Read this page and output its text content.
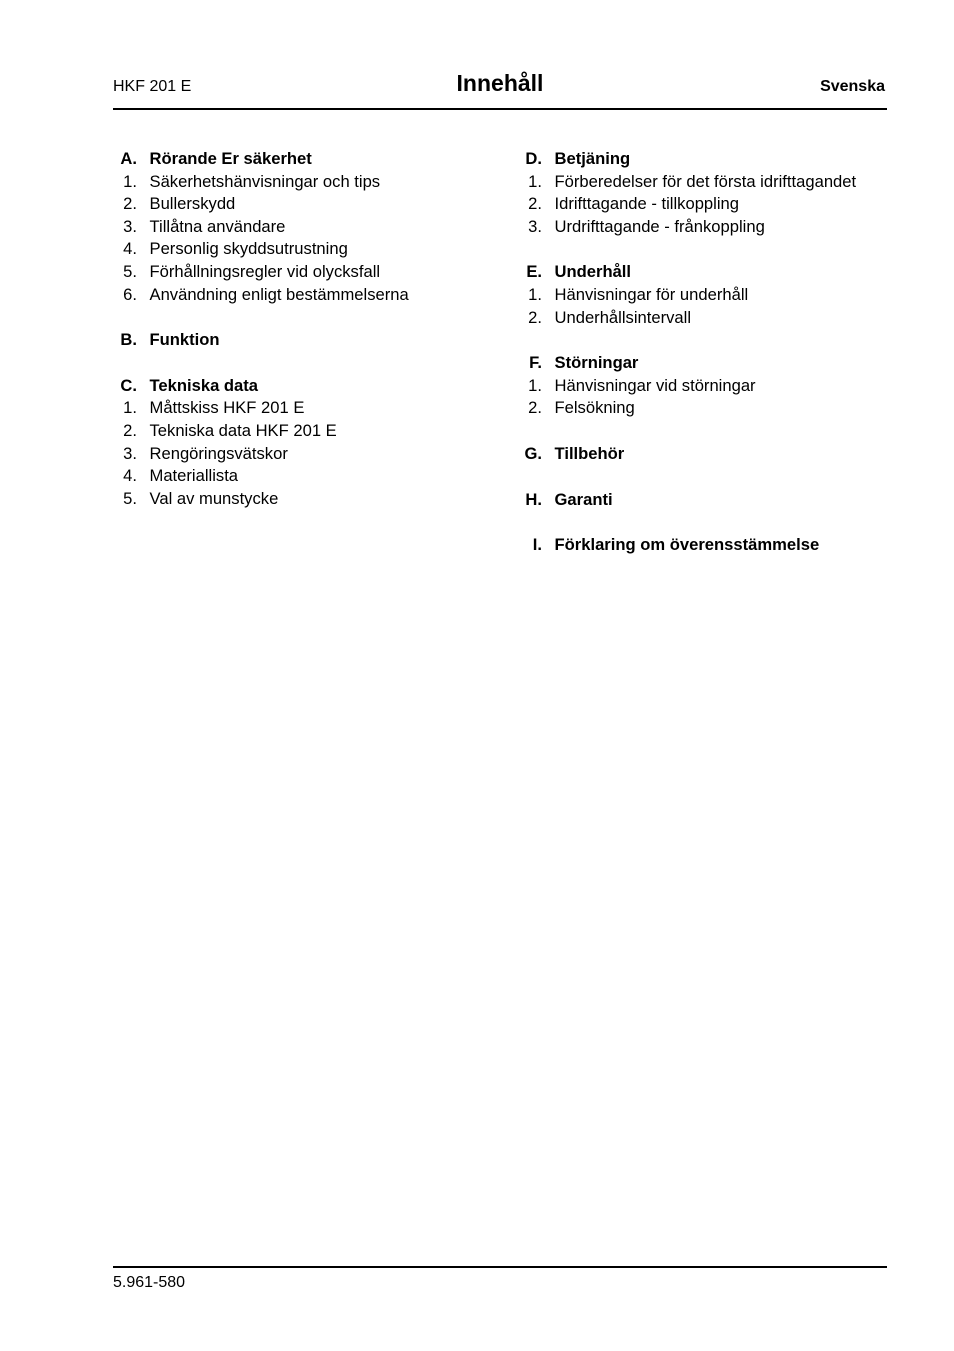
HKF 201 E	Innehåll	Svenska
A. Rörande Er säkerhet
1. Säkerhetshänvisningar och tips
2. Bullerskydd
3. Tillåtna användare
4. Personlig skyddsutrustning
5. Förhållningsregler vid olycksfall
6. Användning enligt bestämmelserna
B. Funktion
C. Tekniska data
1. Måttskiss HKF 201 E
2. Tekniska data HKF 201 E
3. Rengöringsvätskor
4. Materiallista
5. Val av munstycke
D. Betjäning
1. Förberedelser för det första idrifttagandet
2. Idrifttagande - tillkoppling
3. Urdrifttagande - frånkoppling
E. Underhåll
1. Hänvisningar för underhåll
2. Underhållsintervall
F. Störningar
1. Hänvisningar vid störningar
2. Felsökning
G. Tillbehör
H. Garanti
I. Förklaring om överensstämmelse
5.961-580
